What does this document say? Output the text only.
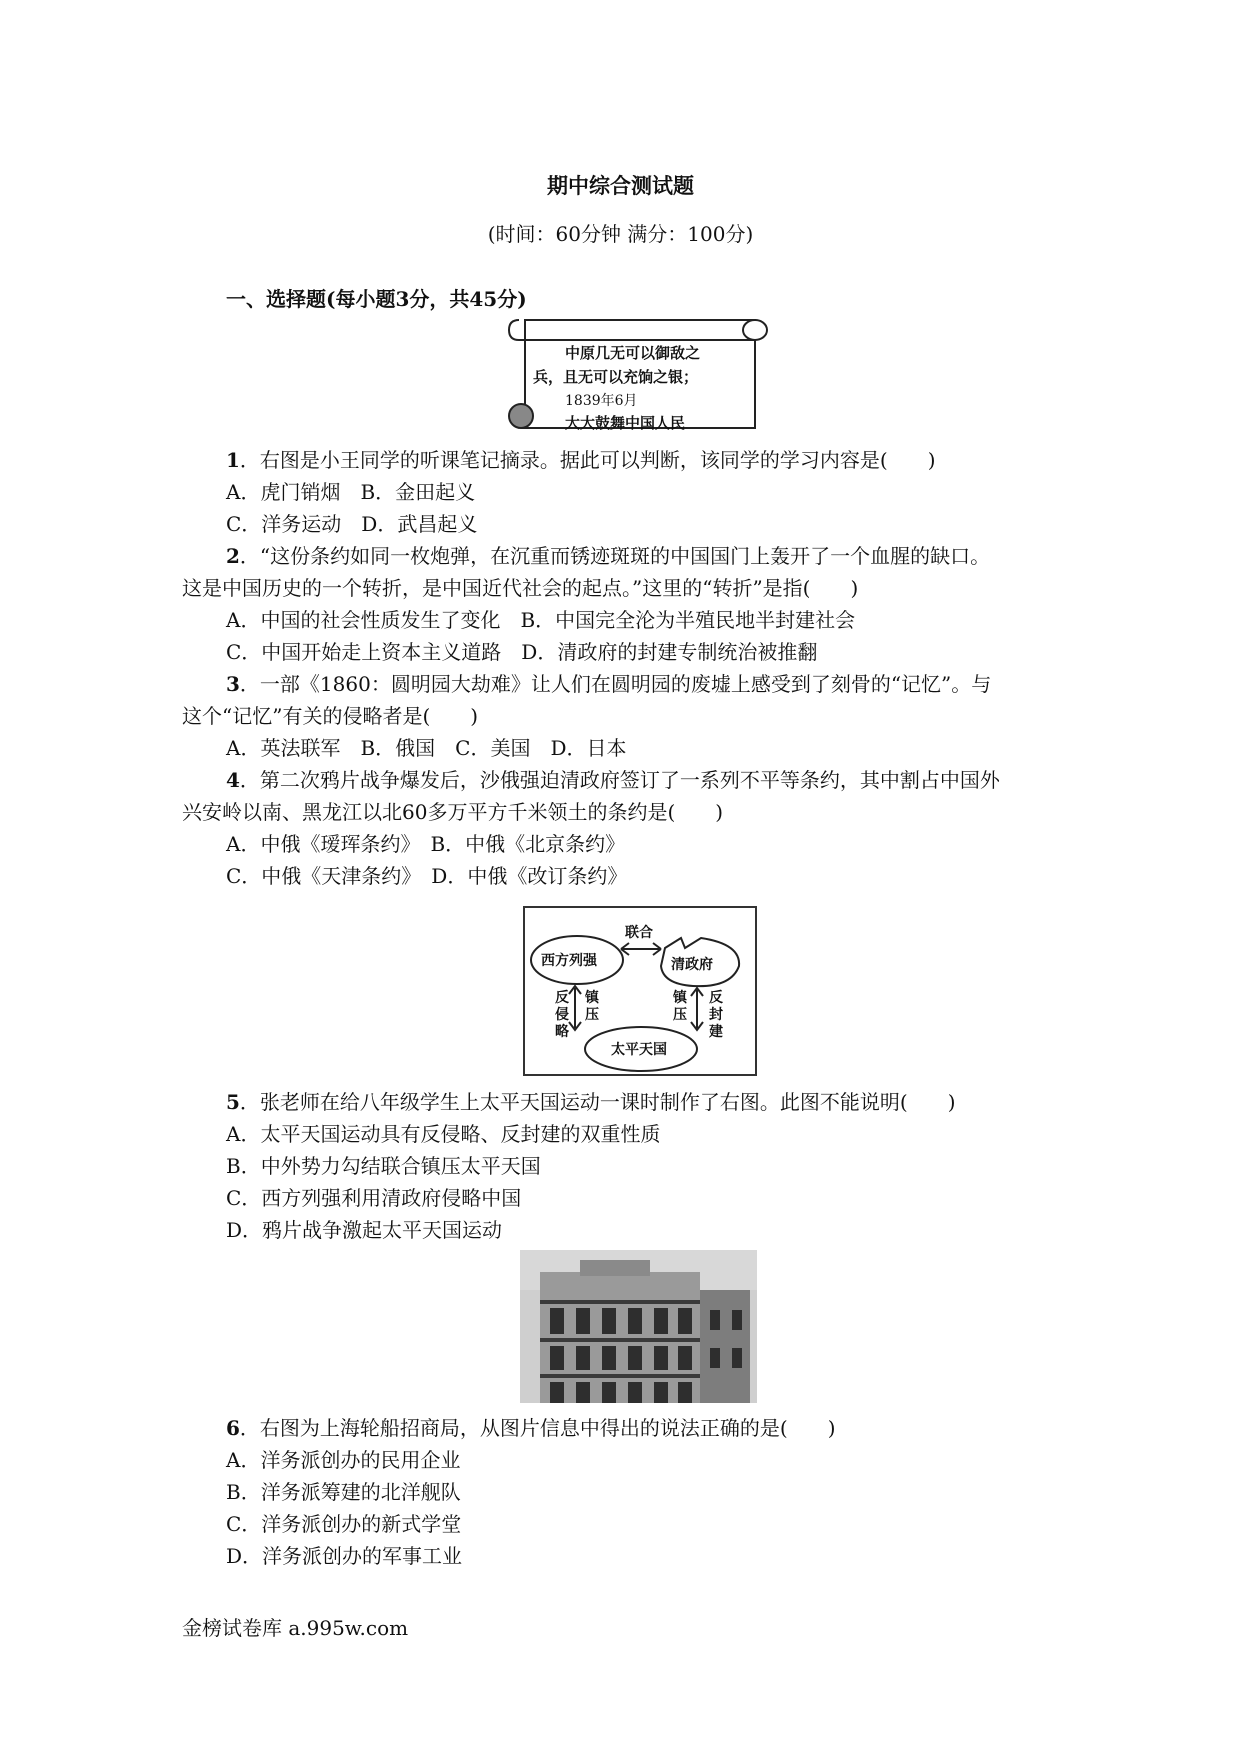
期中综合测试题
(时间：60分钟 满分：100分)
一、选择题(每小题3分，共45分)
中原几无可以御敌之
兵，且无可以充饷之银；
1839年6月
大大鼓舞中国人民
1．右图是小王同学的听课笔记摘录。据此可以判断，该同学的学习内容是(　　)
A．虎门销烟　B．金田起义
C．洋务运动　D．武昌起义
2．“这份条约如同一枚炮弹，在沉重而锈迹斑斑的中国国门上轰开了一个血腥的缺口。
这是中国历史的一个转折，是中国近代社会的起点。”这里的“转折”是指(　　)
A．中国的社会性质发生了变化　B．中国完全沦为半殖民地半封建社会
C．中国开始走上资本主义道路　D．清政府的封建专制统治被推翻
3．一部《1860：圆明园大劫难》让人们在圆明园的废墟上感受到了刻骨的“记忆”。与
这个“记忆”有关的侵略者是(　　)
A．英法联军　B．俄国　C．美国　D．日本
4．第二次鸦片战争爆发后，沙俄强迫清政府签订了一系列不平等条约，其中割占中国外
兴安岭以南、黑龙江以北60多万平方千米领土的条约是(　　)
A．中俄《瑷珲条约》　B．中俄《北京条约》
C．中俄《天津条约》　D．中俄《改订条约》
西方列强	清政府
太平天国
联合
反侵略
镇压
镇压
反封建
5．张老师在给八年级学生上太平天国运动一课时制作了右图。此图不能说明(　　)
A．太平天国运动具有反侵略、反封建的双重性质
B．中外势力勾结联合镇压太平天国
C．西方列强利用清政府侵略中国
D．鸦片战争激起太平天国运动
6．右图为上海轮船招商局，从图片信息中得出的说法正确的是(　　)
A．洋务派创办的民用企业
B．洋务派筹建的北洋舰队
C．洋务派创办的新式学堂
D．洋务派创办的军事工业
金榜试卷库 a.995w.com
